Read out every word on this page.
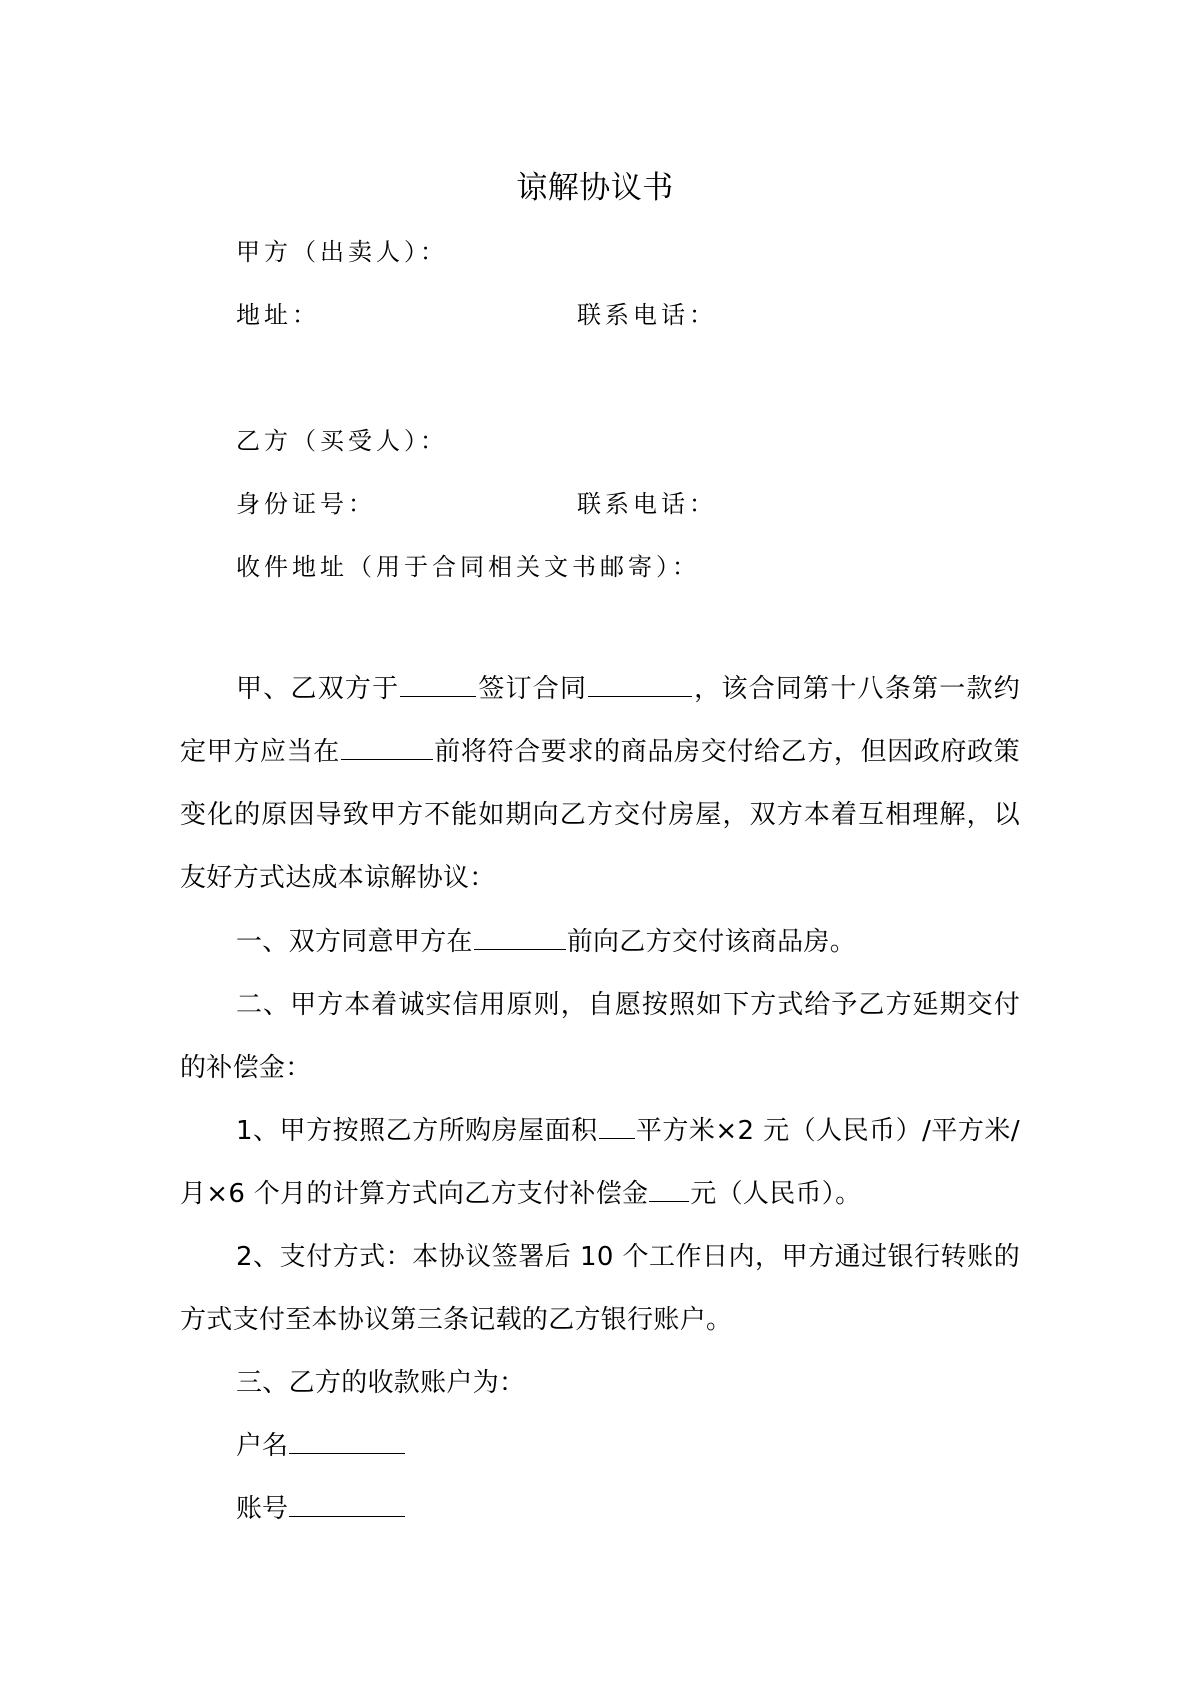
谅解协议书
甲方（出卖人）：
地址：	联系电话：
乙方（买受人）：
身份证号：	联系电话：
收件地址（用于合同相关文书邮寄）：
甲、乙双方于	签订合同	，该合同第十八条第一款约定甲方应当在	前将符合要求的商品房交付给乙方，但因政府政策变化的原因导致甲方不能如期向乙方交付房屋，双方本着互相理解，以友好方式达成本谅解协议：
一、双方同意甲方在	前向乙方交付该商品房。
二、甲方本着诚实信用原则，自愿按照如下方式给予乙方延期交付的补偿金：
1、甲方按照乙方所购房屋面积 平方米×2 元（人民币）/平方米/月×6 个月的计算方式向乙方支付补偿金 元（人民币）。
2、支付方式：本协议签署后 10 个工作日内，甲方通过银行转账的方式支付至本协议第三条记载的乙方银行账户。
三、乙方的收款账户为：
户名
账号
